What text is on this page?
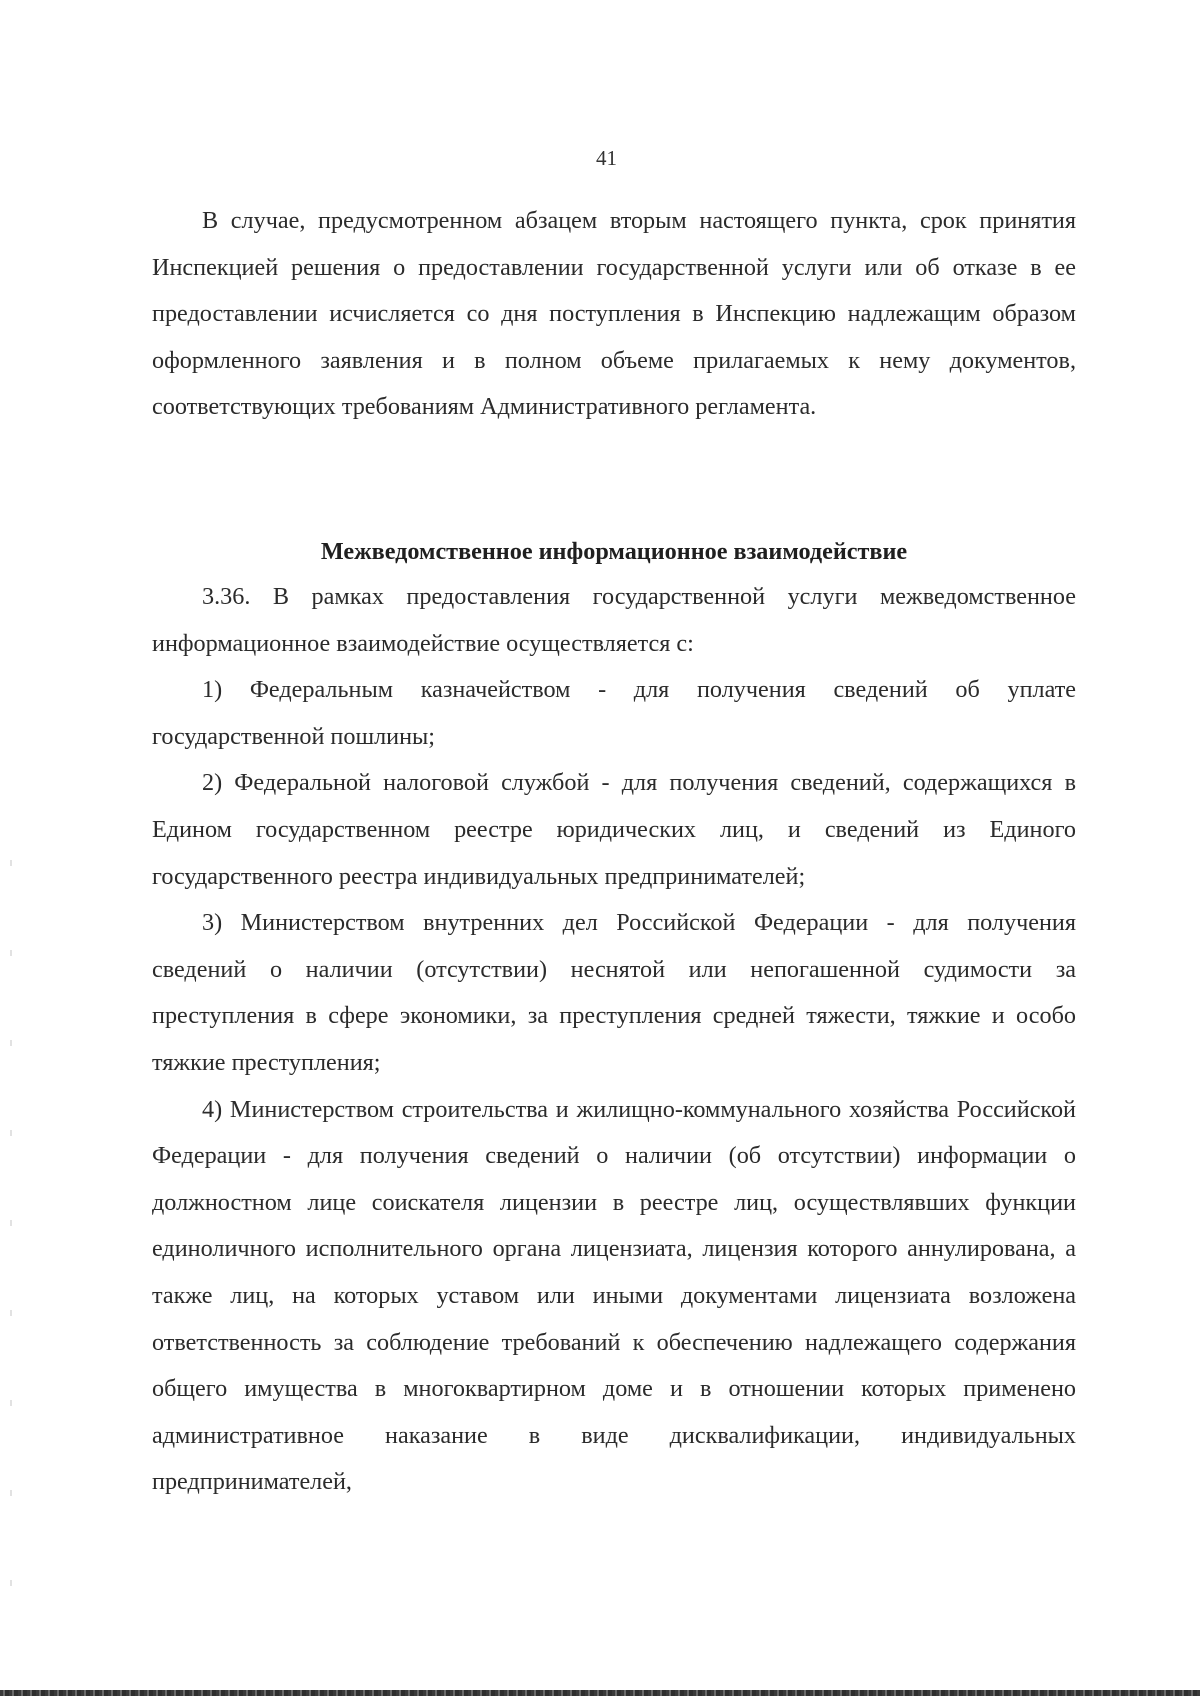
41

В случае, предусмотренном абзацем вторым настоящего пункта, срок принятия Инспекцией решения о предоставлении государственной услуги или об отказе в ее предоставлении исчисляется со дня поступления в Инспекцию надлежащим образом оформленного заявления и в полном объеме прилагаемых к нему документов, соответствующих требованиям Административного регламента.

Межведомственное информационное взаимодействие

3.36. В рамках предоставления государственной услуги межведомственное информационное взаимодействие осуществляется с:

1) Федеральным казначейством - для получения сведений об уплате государственной пошлины;

2) Федеральной налоговой службой - для получения сведений, содержащихся в Едином государственном реестре юридических лиц, и сведений из Единого государственного реестра индивидуальных предпринимателей;

3) Министерством внутренних дел Российской Федерации - для получения сведений о наличии (отсутствии) неснятой или непогашенной судимости за преступления в сфере экономики, за преступления средней тяжести, тяжкие и особо тяжкие преступления;

4) Министерством строительства и жилищно-коммунального хозяйства Российской Федерации - для получения сведений о наличии (об отсутствии) информации о должностном лице соискателя лицензии в реестре лиц, осуществлявших функции единоличного исполнительного органа лицензиата, лицензия которого аннулирована, а также лиц, на которых уставом или иными документами лицензиата возложена ответственность за соблюдение требований к обеспечению надлежащего содержания общего имущества в многоквартирном доме и в отношении которых применено административное наказание в виде дисквалификации, индивидуальных предпринимателей,
